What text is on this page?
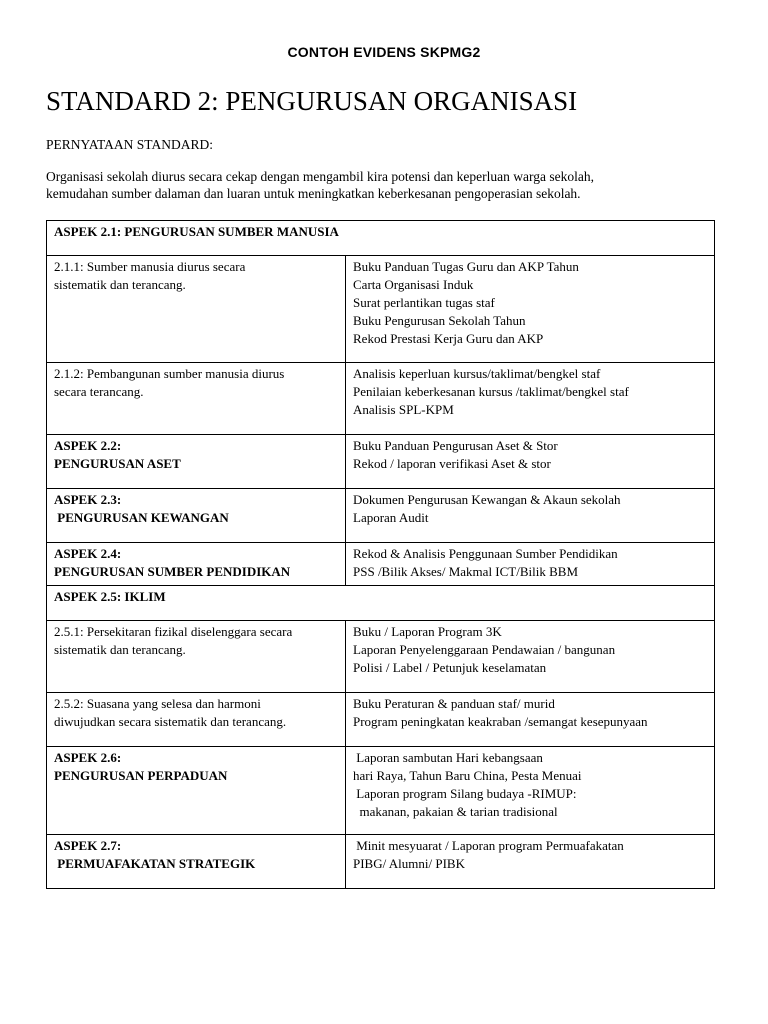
CONTOH EVIDENS SKPMG2
STANDARD 2: PENGURUSAN ORGANISASI
PERNYATAAN STANDARD:
Organisasi sekolah diurus secara cekap dengan mengambil kira potensi dan keperluan warga sekolah,
kemudahan sumber dalaman dan luaran untuk meningkatkan keberkesanan pengoperasian sekolah.
ASPEK 2.1: PENGURUSAN SUMBER MANUSIA	

2.1.1: Sumber manusia diurus secara
sistematik dan terancang.	Buku Panduan Tugas Guru dan AKP Tahun
Carta Organisasi Induk
Surat perlantikan tugas staf
Buku Pengurusan Sekolah Tahun
Rekod Prestasi Kerja Guru dan AKP

2.1.2: Pembangunan sumber manusia diurus
secara terancang.	Analisis keperluan kursus/taklimat/bengkel staf
Penilaian keberkesanan kursus /taklimat/bengkel staf
Analisis SPL-KPM

ASPEK 2.2:
PENGURUSAN ASET	Buku Panduan Pengurusan Aset & Stor
Rekod / laporan verifikasi Aset & stor

ASPEK 2.3:
PENGURUSAN KEWANGAN	Dokumen Pengurusan Kewangan & Akaun sekolah
Laporan Audit

ASPEK 2.4:
PENGURUSAN SUMBER PENDIDIKAN	Rekod & Analisis Penggunaan Sumber Pendidikan
PSS /Bilik Akses/ Makmal ICT/Bilik BBM

ASPEK 2.5: IKLIM	

2.5.1: Persekitaran fizikal diselenggara secara
sistematik dan terancang.	Buku / Laporan Program 3K
Laporan Penyelenggaraan Pendawaian / bangunan
Polisi / Label / Petunjuk keselamatan

2.5.2: Suasana yang selesa dan harmoni
diwujudkan secara sistematik dan terancang.	Buku Peraturan & panduan staf/ murid
Program peningkatan keakraban /semangat kesepunyaan

ASPEK 2.6:
PENGURUSAN PERPADUAN	Laporan sambutan Hari kebangsaan
hari Raya, Tahun Baru China, Pesta Menuai
Laporan program Silang budaya -RIMUP:
makanan, pakaian & tarian tradisional

ASPEK 2.7:
PERMUAFAKATAN STRATEGIK	Minit mesyuarat / Laporan program Permuafakatan
PIBG/ Alumni/ PIBK
